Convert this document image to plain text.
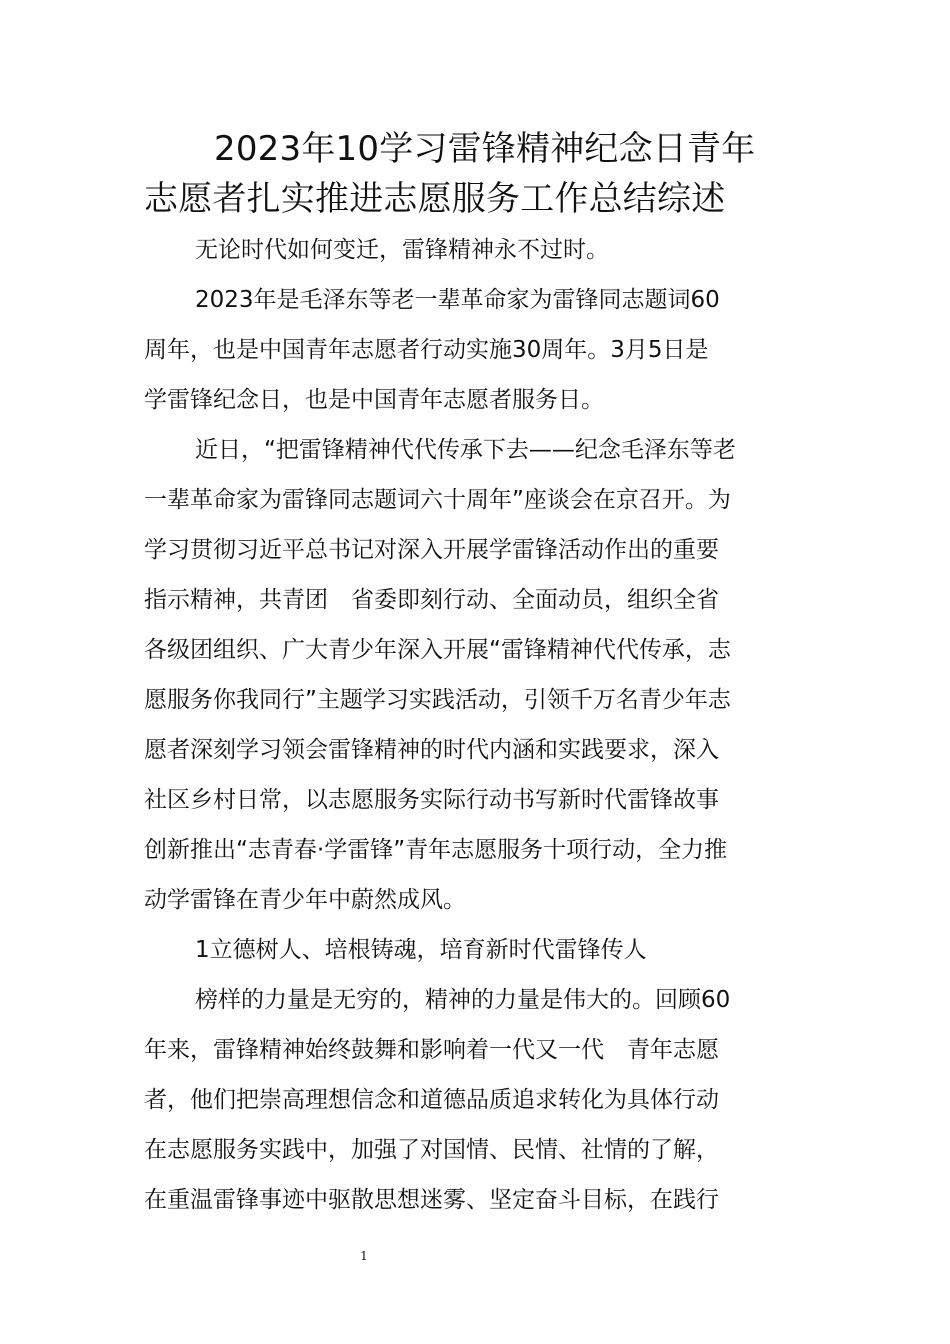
2023年10学习雷锋精神纪念日青年
志愿者扎实推进志愿服务工作总结综述
无论时代如何变迁，雷锋精神永不过时。
2023年是毛泽东等老一辈革命家为雷锋同志题词60
周年，也是中国青年志愿者行动实施30周年。3月5日是
学雷锋纪念日，也是中国青年志愿者服务日。
近日，“把雷锋精神代代传承下去——纪念毛泽东等老
一辈革命家为雷锋同志题词六十周年”座谈会在京召开。为
学习贯彻习近平总书记对深入开展学雷锋活动作出的重要
指示精神，共青团　省委即刻行动、全面动员，组织全省
各级团组织、广大青少年深入开展“雷锋精神代代传承，志
愿服务你我同行”主题学习实践活动，引领千万名青少年志
愿者深刻学习领会雷锋精神的时代内涵和实践要求，深入
社区乡村日常，以志愿服务实际行动书写新时代雷锋故事
创新推出“志青春·学雷锋”青年志愿服务十项行动，全力推
动学雷锋在青少年中蔚然成风。
1立德树人、培根铸魂，培育新时代雷锋传人
榜样的力量是无穷的，精神的力量是伟大的。回顾60
年来，雷锋精神始终鼓舞和影响着一代又一代　青年志愿
者，他们把崇高理想信念和道德品质追求转化为具体行动
在志愿服务实践中，加强了对国情、民情、社情的了解，
在重温雷锋事迹中驱散思想迷雾、坚定奋斗目标，在践行
1
